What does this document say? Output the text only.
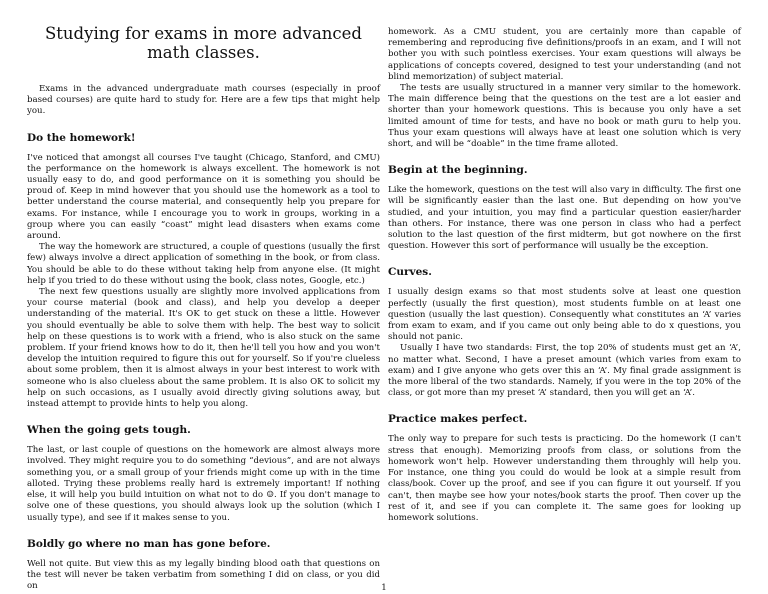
Studying for exams in more advanced math classes.

Exams in the advanced undergraduate math courses (especially in proof based courses) are quite hard to study for. Here are a few tips that might help you.

Do the homework!

I've noticed that amongst all courses I've taught (Chicago, Stanford, and CMU) the performance on the homework is always excellent. The homework is not usually easy to do, and good performance on it is something you should be proud of. Keep in mind however that you should use the homework as a tool to better understand the course material, and consequently help you prepare for exams. For instance, while I encourage you to work in groups, working in a group where you can easily “coast” might lead disasters when exams come around.

The way the homework are structured, a couple of questions (usually the first few) always involve a direct application of something in the book, or from class. You should be able to do these without taking help from anyone else. (It might help if you tried to do these without using the book, class notes, Google, etc.)

The next few questions usually are slightly more involved applications from your course material (book and class), and help you develop a deeper understanding of the material. It's OK to get stuck on these a little. However you should eventually be able to solve them with help. The best way to solicit help on these questions is to work with a friend, who is also stuck on the same problem. If your friend knows how to do it, then he'll tell you how and you won't develop the intuition required to figure this out for yourself. So if you're clueless about some problem, then it is almost always in your best interest to work with someone who is also clueless about the same problem. It is also OK to solicit my help on such occasions, as I usually avoid directly giving solutions away, but instead attempt to provide hints to help you along.

When the going gets tough.

The last, or last couple of questions on the homework are almost always more involved. They might require you to do something “devious”, and are not always something you, or a small group of your friends might come up with in the time alloted. Trying these problems really hard is extremely important! If nothing else, it will help you build intuition on what not to do ☺. If you don't manage to solve one of these questions, you should always look up the solution (which I usually type), and see if it makes sense to you.

Boldly go where no man has gone before.

Well not quite. But view this as my legally binding blood oath that questions on the test will never be taken verbatim from something I did on class, or you did on

homework. As a CMU student, you are certainly more than capable of remembering and reproducing five definitions/proofs in an exam, and I will not bother you with such pointless exercises. Your exam questions will always be applications of concepts covered, designed to test your understanding (and not blind memorization) of subject material.

The tests are usually structured in a manner very similar to the homework. The main difference being that the questions on the test are a lot easier and shorter than your homework questions. This is because you only have a set limited amount of time for tests, and have no book or math guru to help you. Thus your exam questions will always have at least one solution which is very short, and will be “doable” in the time frame alloted.

Begin at the beginning.

Like the homework, questions on the test will also vary in difficulty. The first one will be significantly easier than the last one. But depending on how you've studied, and your intuition, you may find a particular question easier/harder than others. For instance, there was one person in class who had a perfect solution to the last question of the first midterm, but got nowhere on the first question. However this sort of performance will usually be the exception.

Curves.

I usually design exams so that most students solve at least one question perfectly (usually the first question), most students fumble on at least one question (usually the last question). Consequently what constitutes an ‘A’ varies from exam to exam, and if you came out only being able to do x questions, you should not panic.

Usually I have two standards: First, the top 20% of students must get an ‘A’, no matter what. Second, I have a preset amount (which varies from exam to exam) and I give anyone who gets over this an ‘A’. My final grade assignment is the more liberal of the two standards. Namely, if you were in the top 20% of the class, or got more than my preset ‘A’ standard, then you will get an ‘A’.

Practice makes perfect.

The only way to prepare for such tests is practicing. Do the homework (I can't stress that enough). Memorizing proofs from class, or solutions from the homework won't help. However understanding them throughly will help you. For instance, one thing you could do would be look at a simple result from class/book. Cover up the proof, and see if you can figure it out yourself. If you can't, then maybe see how your notes/book starts the proof. Then cover up the rest of it, and see if you can complete it. The same goes for looking up homework solutions.

1
